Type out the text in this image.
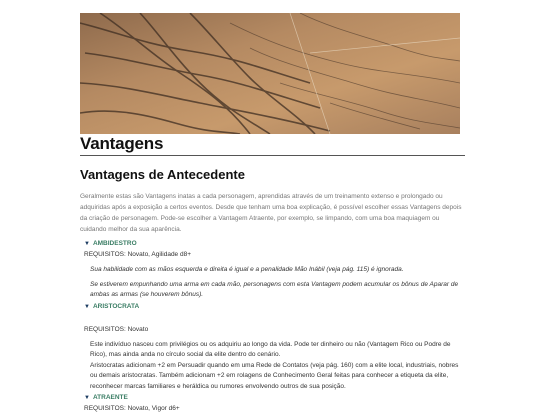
Vantagens
Vantagens de Antecedente

Geralmente estas são Vantagens inatas a cada personagem, aprendidas através de um treinamento extenso e prolongado ou adquiridas após a exposição a certos eventos. Desde que tenham uma boa explicação, é possível escolher essas Vantagens depois da criação de personagem. Pode-se escolher a Vantagem Atraente, por exemplo, se limpando, com uma boa maquiagem ou cuidando melhor da sua aparência.

▼ AMBIDESTRO
REQUISITOS: Novato, Agilidade d8+

Sua habilidade com as mãos esquerda e direita é igual e a penalidade Mão Inábil (veja pág. 115) é ignorada.

Se estiverem empunhando uma arma em cada mão, personagens com esta Vantagem podem acumular os bônus de Aparar de ambas as armas (se houverem bônus).

▼ ARISTOCRATA
REQUISITOS: Novato

Este indivíduo nasceu com privilégios ou os adquiriu ao longo da vida. Pode ter dinheiro ou não (Vantagem Rico ou Podre de Rico), mas ainda anda no círculo social da elite dentro do cenário.

Aristocratas adicionam +2 em Persuadir quando em uma Rede de Contatos (veja pág. 160) com a elite local, industriais, nobres ou demais aristocratas. Também adicionam +2 em rolagens de Conhecimento Geral feitas para conhecer a etiqueta da elite, reconhecer marcas familiares e heráldica ou rumores envolvendo outros de sua posição.

▼ ATRAENTE
REQUISITOS: Novato, Vigor d6+
